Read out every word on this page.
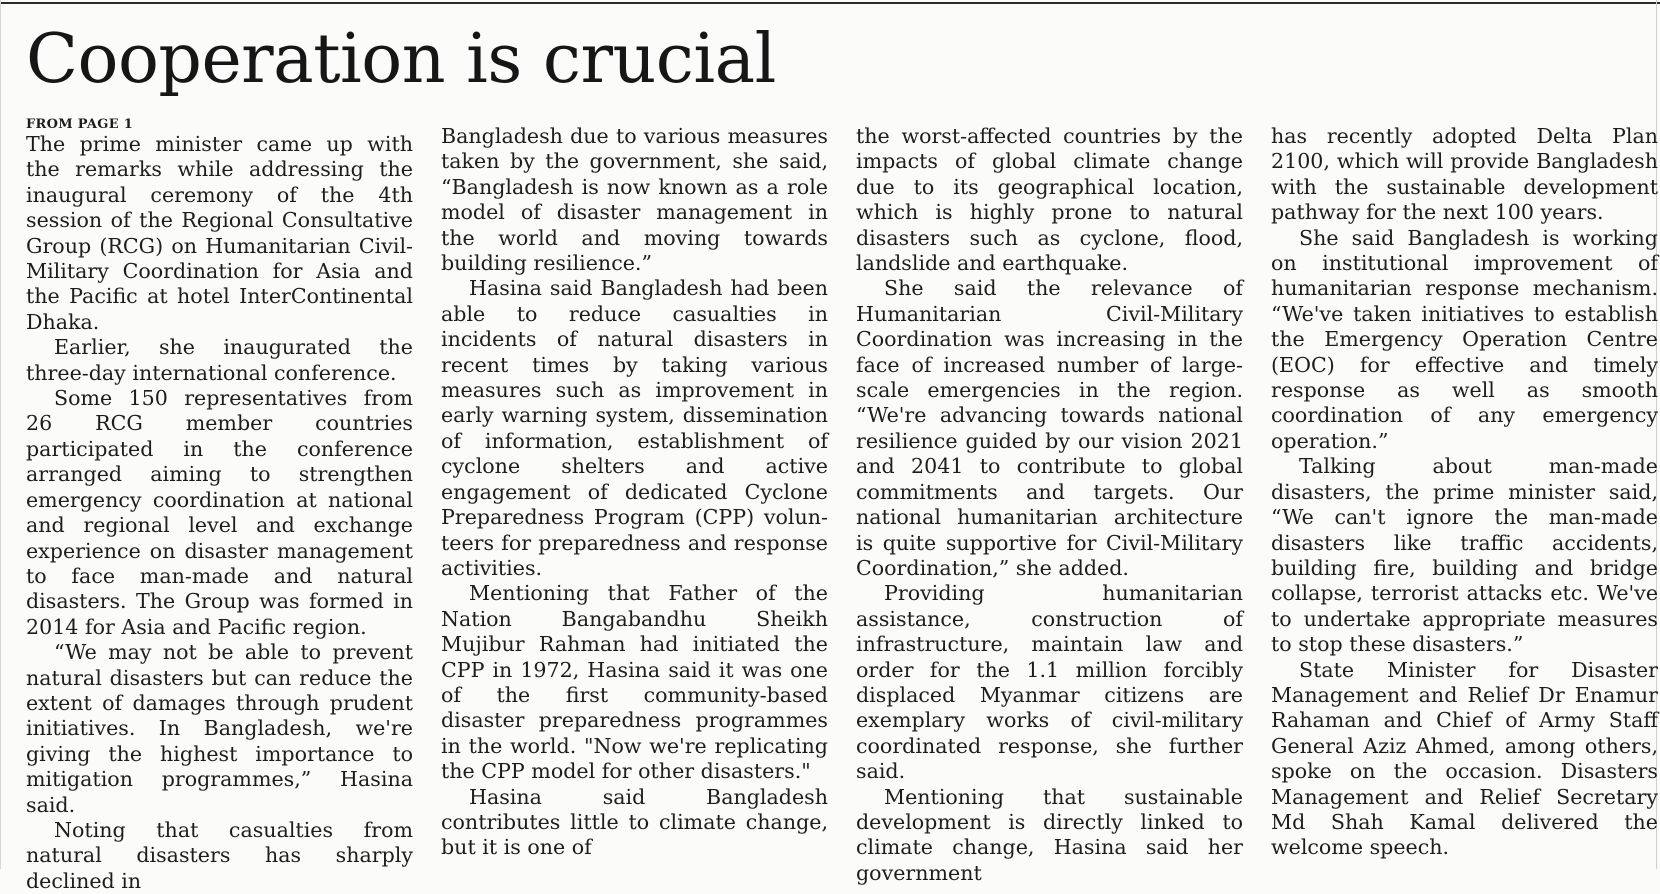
Cooperation is crucial
FROM PAGE 1

The prime minister came up with the remarks while addressing the inaugural ceremony of the 4th session of the Regional Consultative Group (RCG) on Humanitarian Civil-Military Coordination for Asia and the Pacific at hotel InterContinental Dhaka.

Earlier, she inaugurated the three-day international conference.

Some 150 representatives from 26 RCG member countries participated in the conference arranged aiming to strengthen emergency coordination at national and regional level and exchange experience on disaster management to face man-made and natural disasters. The Group was formed in 2014 for Asia and Pacific region.

“We may not be able to prevent natural disasters but can reduce the extent of damages through prudent initiatives. In Bangladesh, we're giving the highest importance to mitigation programmes,” Hasina said.

Noting that casualties from natural disasters has sharply declined in

Bangladesh due to various measures taken by the government, she said, “Bangladesh is now known as a role model of disaster management in the world and moving towards building resilience.”

Hasina said Bangladesh had been able to reduce casualties in incidents of natural disasters in recent times by taking various measures such as improvement in early warning system, dissemination of information, establishment of cyclone shelters and active engagement of dedicated Cyclone Preparedness Program (CPP) volunteers for preparedness and response activities.

Mentioning that Father of the Nation Bangabandhu Sheikh Mujibur Rahman had initiated the CPP in 1972, Hasina said it was one of the first community-based disaster preparedness programmes in the world. "Now we're replicating the CPP model for other disasters."

Hasina said Bangladesh contributes little to climate change, but it is one of

the worst-affected countries by the impacts of global climate change due to its geographical location, which is highly prone to natural disasters such as cyclone, flood, landslide and earthquake.

She said the relevance of Humanitarian Civil-Military Coordination was increasing in the face of increased number of large-scale emergencies in the region. “We're advancing towards national resilience guided by our vision 2021 and 2041 to contribute to global commitments and targets. Our national humanitarian architecture is quite supportive for Civil-Military Coordination,” she added.

Providing humanitarian assistance, construction of infrastructure, maintain law and order for the 1.1 million forcibly displaced Myanmar citizens are exemplary works of civil-military coordinated response, she further said.

Mentioning that sustainable development is directly linked to climate change, Hasina said her government

has recently adopted Delta Plan 2100, which will provide Bangladesh with the sustainable development pathway for the next 100 years.

She said Bangladesh is working on institutional improvement of humanitarian response mechanism. “We've taken initiatives to establish the Emergency Operation Centre (EOC) for effective and timely response as well as smooth coordination of any emergency operation.”

Talking about man-made disasters, the prime minister said, “We can't ignore the man-made disasters like traffic accidents, building fire, building and bridge collapse, terrorist attacks etc. We've to undertake appropriate measures to stop these disasters.”

State Minister for Disaster Management and Relief Dr Enamur Rahaman and Chief of Army Staff General Aziz Ahmed, among others, spoke on the occasion. Disasters Management and Relief Secretary Md Shah Kamal delivered the welcome speech.
